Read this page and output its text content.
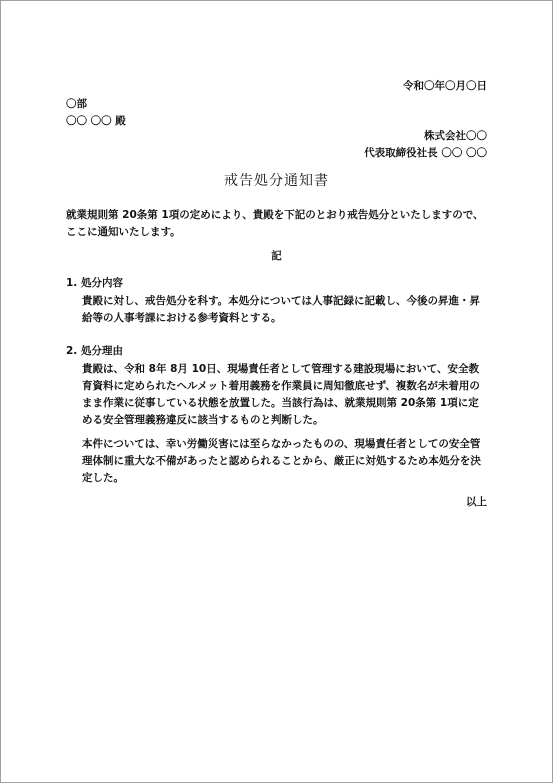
令和〇年〇月〇日
〇部
〇〇 〇〇 殿
株式会社〇〇
代表取締役社長 〇〇 〇〇
戒告処分通知書
就業規則第 20条第 1項の定めにより、貴殿を下記のとおり戒告処分といたしますので、ここに通知いたします。
記
1. 処分内容
貴殿に対し、戒告処分を科す。本処分については人事記録に記載し、今後の昇進・昇給等の人事考課における参考資料とする。
2. 処分理由
貴殿は、令和 8年 8月 10日、現場責任者として管理する建設現場において、安全教育資料に定められたヘルメット着用義務を作業員に周知徹底せず、複数名が未着用のまま作業に従事している状態を放置した。当該行為は、就業規則第 20条第 1項に定める安全管理義務違反に該当するものと判断した。
本件については、幸い労働災害には至らなかったものの、現場責任者としての安全管理体制に重大な不備があったと認められることから、厳正に対処するため本処分を決定した。
以上
